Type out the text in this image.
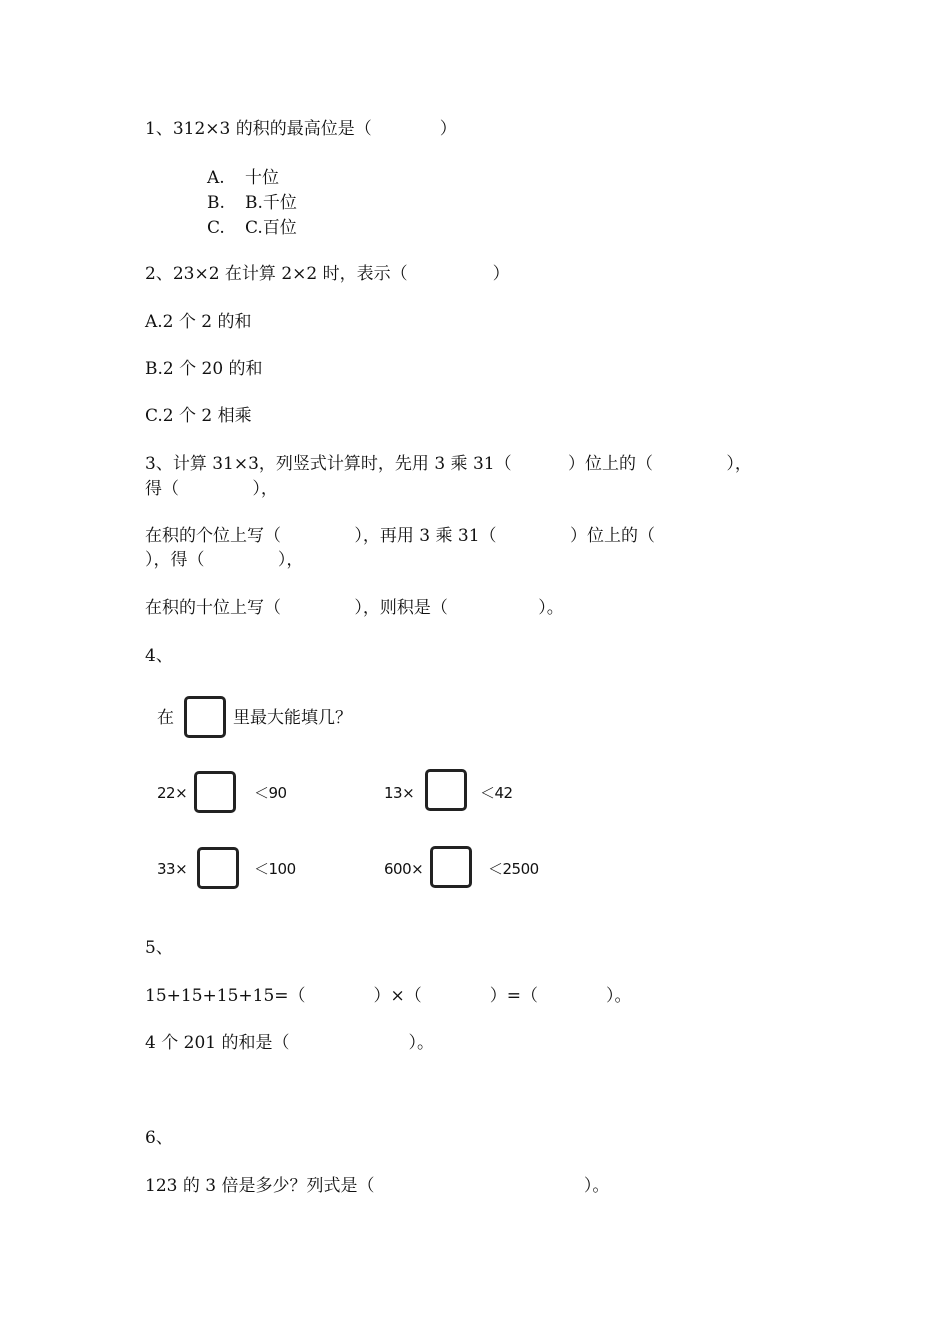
1、312×3 的积的最高位是（　　　　）
A. 十位
B. B.千位
C. C.百位
2、23×2 在计算 2×2 时，表示（　　　　　）
A.2 个 2 的和
B.2 个 20 的和
C.2 个 2 相乘
3、计算 31×3，列竖式计算时，先用 3 乘 31（　　　 ）位上的（　　　　 ），
得（　　　　 ），
在积的个位上写（　　　　 ），再用 3 乘 31（　　　　 ）位上的（
），得（　　　　 ），
在积的十位上写（　　　　 ），则积是（　　　　　 ）。
4、
在	里最大能填几？
22×	＜90	13×	＜42
33×	＜100	600×	＜2500
5、
15+15+15+15=（　　　　）×（　　　　）=（　　　　）。
4 个 201 的和是（　　　　　　　）。
6、
123 的 3 倍是多少？列式是（　　　　　　　　　　　　 ）。
